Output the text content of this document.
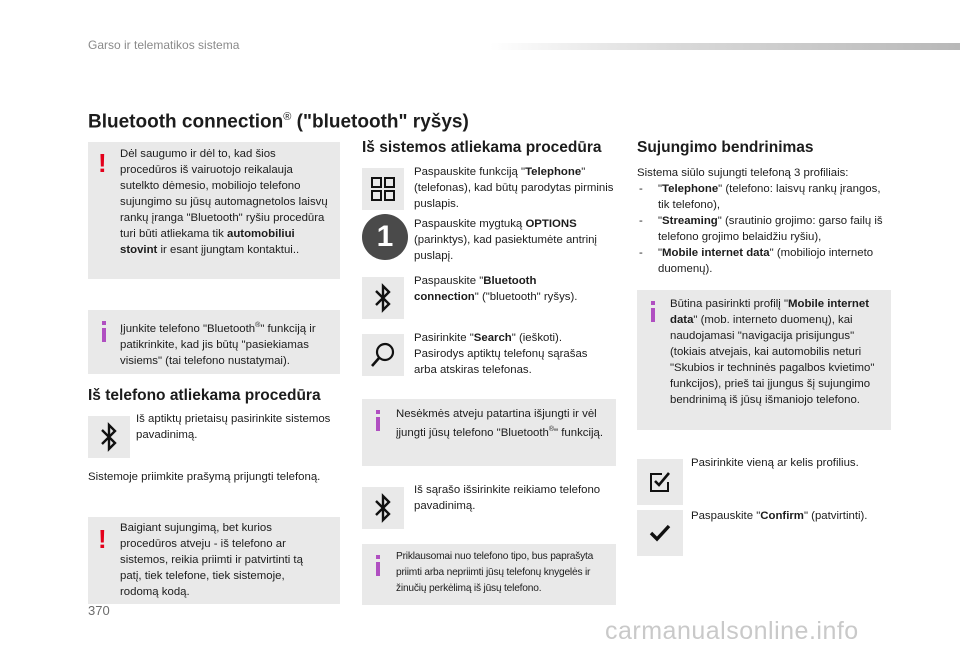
Garso ir telematikos sistema
Bluetooth connection® ("bluetooth" ryšys)
! Dėl saugumo ir dėl to, kad šios procedūros iš vairuotojo reikalauja sutelkto dėmesio, mobiliojo telefono sujungimo su jūsų automagnetolos laisvų rankų įranga "Bluetooth" ryšiu procedūra turi būti atliekama tik automobiliui stovint ir esant įjungtam kontaktui..
Įjunkite telefono "Bluetooth®" funkciją ir patikrinkite, kad jis būtų "pasiekiamas visiems" (tai telefono nustatymai).
Iš telefono atliekama procedūra
Iš aptiktų prietaisų pasirinkite sistemos pavadinimą.
Sistemoje priimkite prašymą prijungti telefoną.
! Baigiant sujungimą, bet kurios procedūros atveju - iš telefono ar sistemos, reikia priimti ir patvirtinti tą patį, tiek telefone, tiek sistemoje, rodomą kodą.
Iš sistemos atliekama procedūra
Paspauskite funkciją "Telephone" (telefonas), kad būtų parodytas pirminis puslapis.
1	Paspauskite mygtuką OPTIONS (parinktys), kad pasiektumėte antrinį puslapį.
Paspauskite "Bluetooth connection" ("bluetooth" ryšys).
Pasirinkite "Search" (ieškoti). Pasirodys aptiktų telefonų sąrašas arba atskiras telefonas.
Nesėkmės atveju patartina išjungti ir vėl įjungti jūsų telefono "Bluetooth®" funkciją.
Iš sąrašo išsirinkite reikiamo telefono pavadinimą.
Priklausomai nuo telefono tipo, bus paprašyta priimti arba nepriimti jūsų telefonų knygelės ir žinučių perkėlimą iš jūsų telefono.
Sujungimo bendrinimas
Sistema siūlo sujungti telefoną 3 profiliais:
- "Telephone" (telefono: laisvų rankų įrangos, tik telefono),
- "Streaming" (srautinio grojimo: garso failų iš telefono grojimo belaidžiu ryšiu),
- "Mobile internet data" (mobiliojo interneto duomenų).
Būtina pasirinkti profilį "Mobile internet data" (mob. interneto duomenų), kai naudojamasi "navigacija prisijungus" (tokiais atvejais, kai automobilis neturi "Skubios ir techninės pagalbos kvietimo" funkcijos), prieš tai įjungus šį sujungimo bendrinimą iš jūsų išmaniojo telefono.
Pasirinkite vieną ar kelis profilius.
Paspauskite "Confirm" (patvirtinti).
370
carmanualsonline.info
